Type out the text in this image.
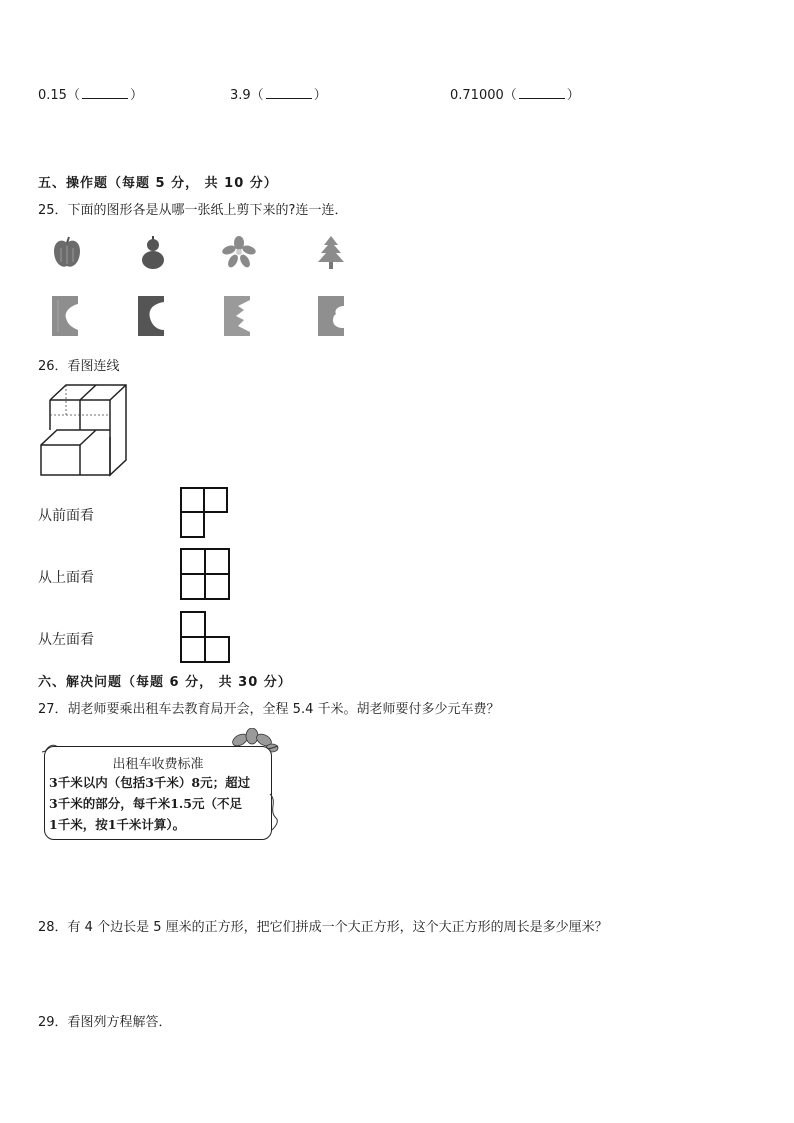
0.15（	）	3.9（	）	0.71000（	）
五、操作题（每题 5 分， 共 10 分）
25．下面的图形各是从哪一张纸上剪下来的?连一连．
26．看图连线
从前面看
从上面看
从左面看
六、解决问题（每题 6 分， 共 30 分）
27．胡老师要乘出租车去教育局开会，全程 5.4 千米。胡老师要付多少元车费？
出租车收费标准
3千米以内（包括3千米）8元；超过
3千米的部分，每千米1.5元（不足
1千米，按1千米计算）。
28．有 4 个边长是 5 厘米的正方形，把它们拼成一个大正方形，这个大正方形的周长是多少厘米？
29．看图列方程解答．
